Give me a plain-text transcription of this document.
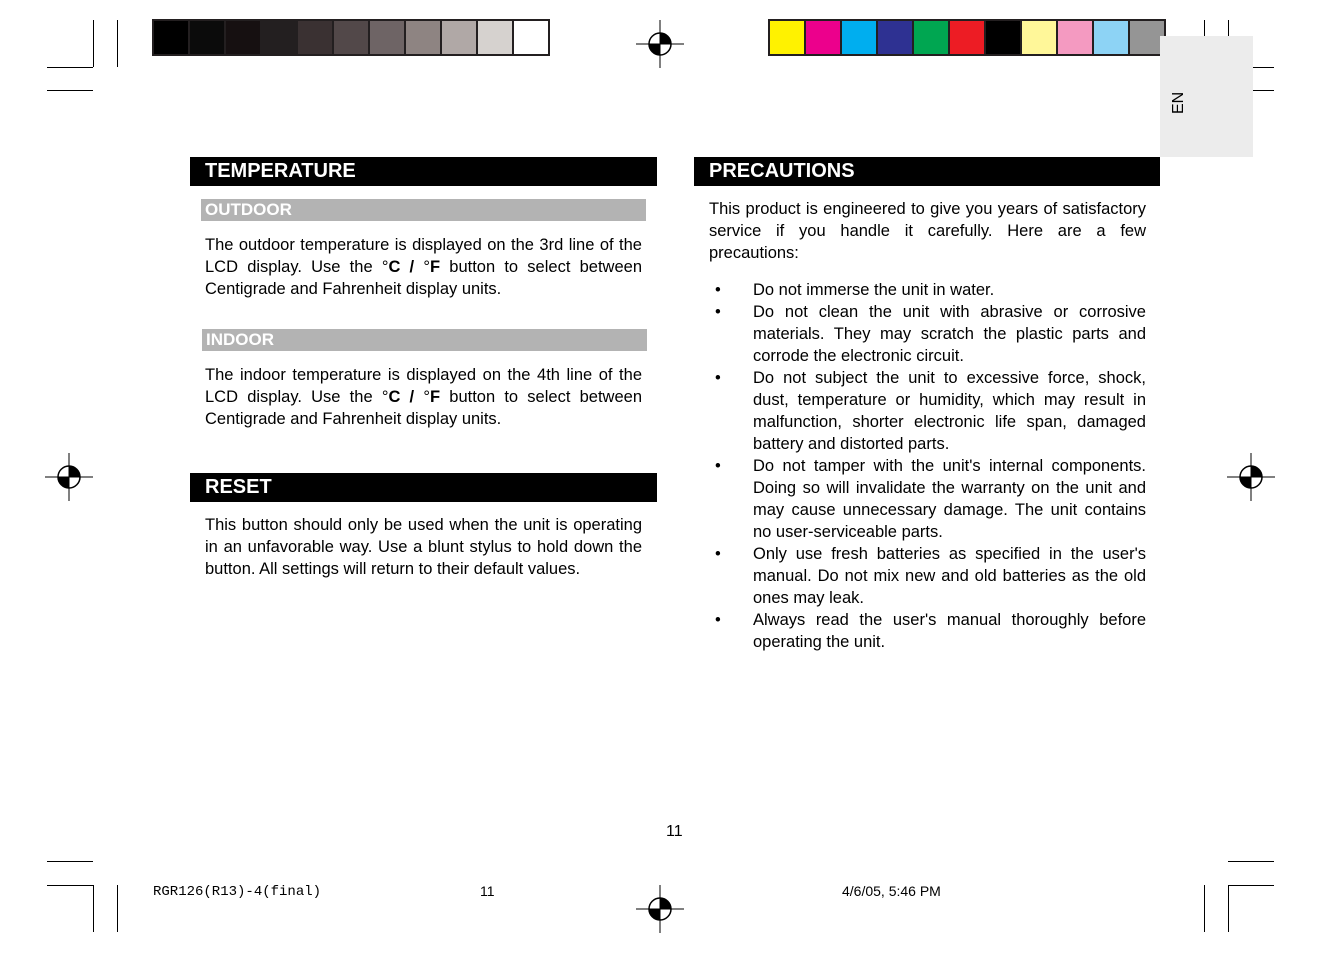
EN
TEMPERATURE
OUTDOOR
The outdoor temperature is displayed on the 3rd line of the LCD display. Use the °C / °F button to select between Centigrade and Fahrenheit display units.
INDOOR
The indoor temperature is displayed on the 4th line of the LCD display. Use the °C / °F button to select between Centigrade and Fahrenheit display units.
RESET
This button should only be used when the unit is operating in an unfavorable way. Use a blunt stylus to hold down the button. All settings will return to their default values.
PRECAUTIONS
This product is engineered to give you years of satisfactory service if you handle it carefully. Here are a few precautions:
• Do not immerse the unit in water.
• Do not clean the unit with abrasive or corrosive materials. They may scratch the plastic parts and corrode the electronic circuit.
• Do not subject the unit to excessive force, shock, dust, temperature or humidity, which may result in malfunction, shorter electronic life span, damaged battery and distorted parts.
• Do not tamper with the unit's internal components. Doing so will invalidate the warranty on the unit and may cause unnecessary damage. The unit contains no user-serviceable parts.
• Only use fresh batteries as specified in the user's manual. Do not mix new and old batteries as the old ones may leak.
• Always read the user's manual thoroughly before operating the unit.
11
RGR126(R13)-4(final)	11	4/6/05, 5:46 PM
